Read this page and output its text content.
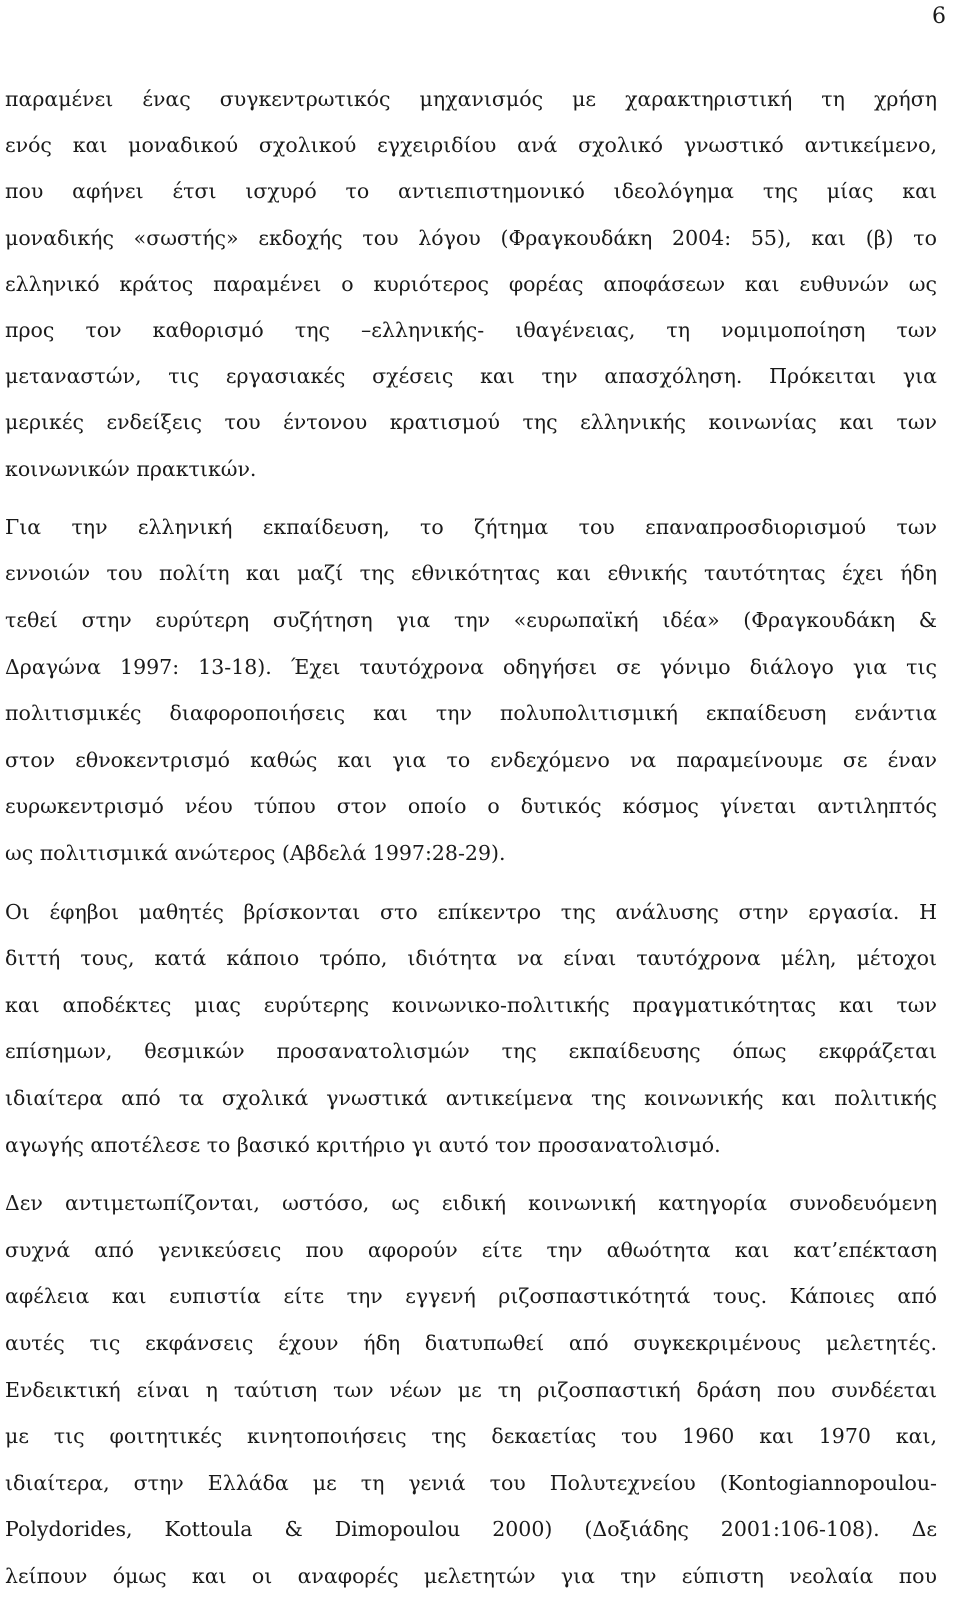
6

παραμένει ένας συγκεντρωτικός μηχανισμός με χαρακτηριστική τη χρήση
ενός και μοναδικού σχολικού εγχειριδίου ανά σχολικό γνωστικό αντικείμενο,
που αφήνει έτσι ισχυρό το αντιεπιστημονικό ιδεολόγημα της μίας και
μοναδικής «σωστής» εκδοχής του λόγου (Φραγκουδάκη 2004: 55), και (β) το
ελληνικό κράτος παραμένει ο κυριότερος φορέας αποφάσεων και ευθυνών ως
προς τον καθορισμό της –ελληνικής- ιθαγένειας, τη νομιμοποίηση των
μεταναστών, τις εργασιακές σχέσεις και την απασχόληση. Πρόκειται για
μερικές ενδείξεις του έντονου κρατισμού της ελληνικής κοινωνίας και των
κοινωνικών πρακτικών.

Για την ελληνική εκπαίδευση, το ζήτημα του επαναπροσδιορισμού των
εννοιών του πολίτη και μαζί της εθνικότητας και εθνικής ταυτότητας έχει ήδη
τεθεί στην ευρύτερη συζήτηση για την «ευρωπαϊκή ιδέα» (Φραγκουδάκη &
Δραγώνα 1997: 13-18). Έχει ταυτόχρονα οδηγήσει σε γόνιμο διάλογο για τις
πολιτισμικές διαφοροποιήσεις και την πολυπολιτισμική εκπαίδευση ενάντια
στον εθνοκεντρισμό καθώς και για το ενδεχόμενο να παραμείνουμε σε έναν
ευρωκεντρισμό νέου τύπου στον οποίο ο δυτικός κόσμος γίνεται αντιληπτός
ως πολιτισμικά ανώτερος (Αβδελά 1997:28-29).

Οι έφηβοι μαθητές βρίσκονται στο επίκεντρο της ανάλυσης στην εργασία. Η
διττή τους, κατά κάποιο τρόπο, ιδιότητα να είναι ταυτόχρονα μέλη, μέτοχοι
και αποδέκτες μιας ευρύτερης κοινωνικο-πολιτικής πραγματικότητας και των
επίσημων, θεσμικών προσανατολισμών της εκπαίδευσης όπως εκφράζεται
ιδιαίτερα από τα σχολικά γνωστικά αντικείμενα της κοινωνικής και πολιτικής
αγωγής αποτέλεσε το βασικό κριτήριο γι αυτό τον προσανατολισμό.

Δεν αντιμετωπίζονται, ωστόσο, ως ειδική κοινωνική κατηγορία συνοδευόμενη
συχνά από γενικεύσεις που αφορούν είτε την αθωότητα και κατ’επέκταση
αφέλεια και ευπιστία είτε την εγγενή ριζοσπαστικότητά τους. Κάποιες από
αυτές τις εκφάνσεις έχουν ήδη διατυπωθεί από συγκεκριμένους μελετητές.
Ενδεικτική είναι η ταύτιση των νέων με τη ριζοσπαστική δράση που συνδέεται
με τις φοιτητικές κινητοποιήσεις της δεκαετίας του 1960 και 1970 και,
ιδιαίτερα, στην Ελλάδα με τη γενιά του Πολυτεχνείου (Kontogiannopoulou-
Polydorides, Kottoula & Dimopoulou 2000) (Δοξιάδης 2001:106-108). Δε
λείπουν όμως και οι αναφορές μελετητών για την εύπιστη νεολαία που
